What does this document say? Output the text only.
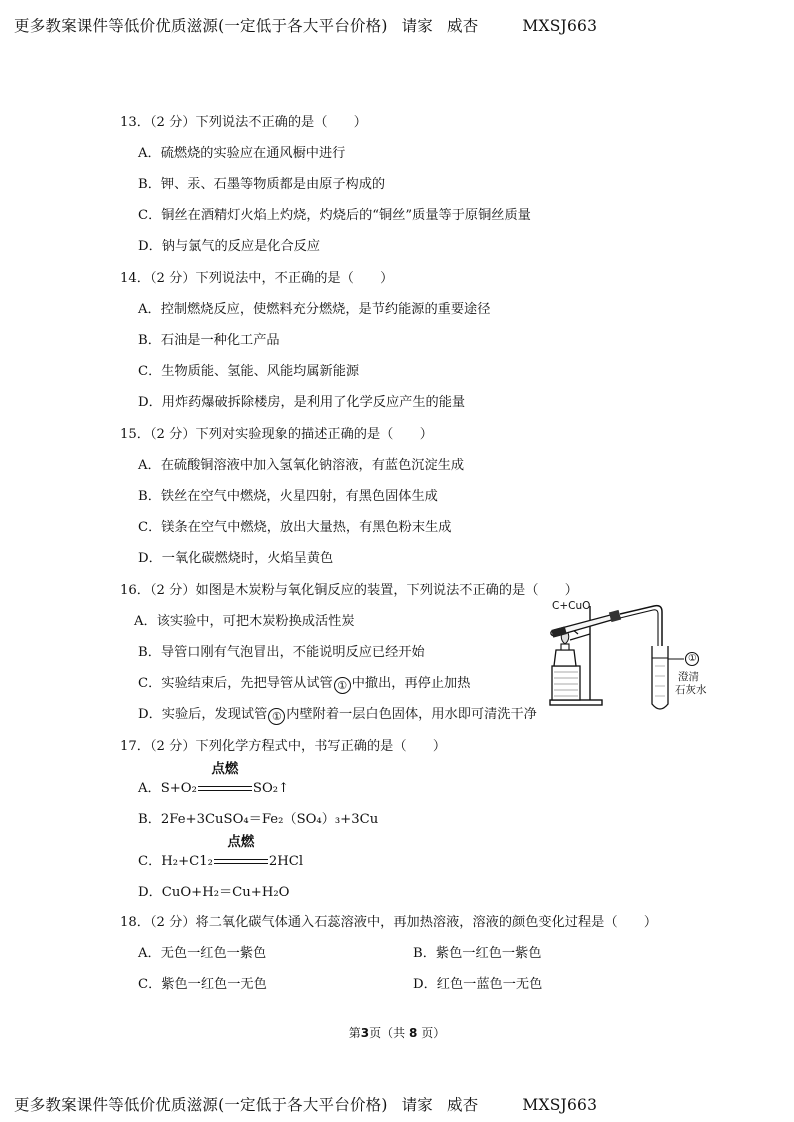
更多教案课件等低价优质滋源(一定低于各大平台价格) 请家 威杏	MXSJ663
13．（2 分）下列说法不正确的是（　　）
A．硫燃烧的实验应在通风橱中进行
B．钾、汞、石墨等物质都是由原子构成的
C．铜丝在酒精灯火焰上灼烧，灼烧后的“铜丝”质量等于原铜丝质量
D．钠与氯气的反应是化合反应
14．（2 分）下列说法中，不正确的是（　　）
A．控制燃烧反应，使燃料充分燃烧，是节约能源的重要途径
B．石油是一种化工产品
C．生物质能、氢能、风能均属新能源
D．用炸药爆破拆除楼房，是利用了化学反应产生的能量
15．（2 分）下列对实验现象的描述正确的是（　　）
A．在硫酸铜溶液中加入氢氧化钠溶液，有蓝色沉淀生成
B．铁丝在空气中燃烧，火星四射，有黑色固体生成
C．镁条在空气中燃烧，放出大量热，有黑色粉末生成
D．一氧化碳燃烧时，火焰呈黄色
16．（2 分）如图是木炭粉与氧化铜反应的装置，下列说法不正确的是（　　）
A．该实验中，可把木炭粉换成活性炭
B．导管口刚有气泡冒出，不能说明反应已经开始
C．实验结束后，先把导管从试管 ① 中撤出，再停止加热
D．实验后，发现试管 ① 内壁附着一层白色固体，用水即可清洗干净
C+CuO
①
澄清
石灰水
17．（2 分）下列化学方程式中，书写正确的是（　　）
A．S+O₂
点燃
SO₂↑
B．2Fe+3CuSO₄＝Fe₂（SO₄）₃+3Cu
C．H₂+C1₂
点燃
2HCl
D．CuO+H₂＝Cu+H₂O
18．（2 分）将二氧化碳气体通入石蕊溶液中，再加热溶液，溶液的颜色变化过程是（　　）
A．无色一红色一紫色	B．紫色一红色一紫色
C．紫色一红色一无色	D．红色一蓝色一无色
第3页（共 8 页）
更多教案课件等低价优质滋源(一定低于各大平台价格) 请家 威杏	MXSJ663
